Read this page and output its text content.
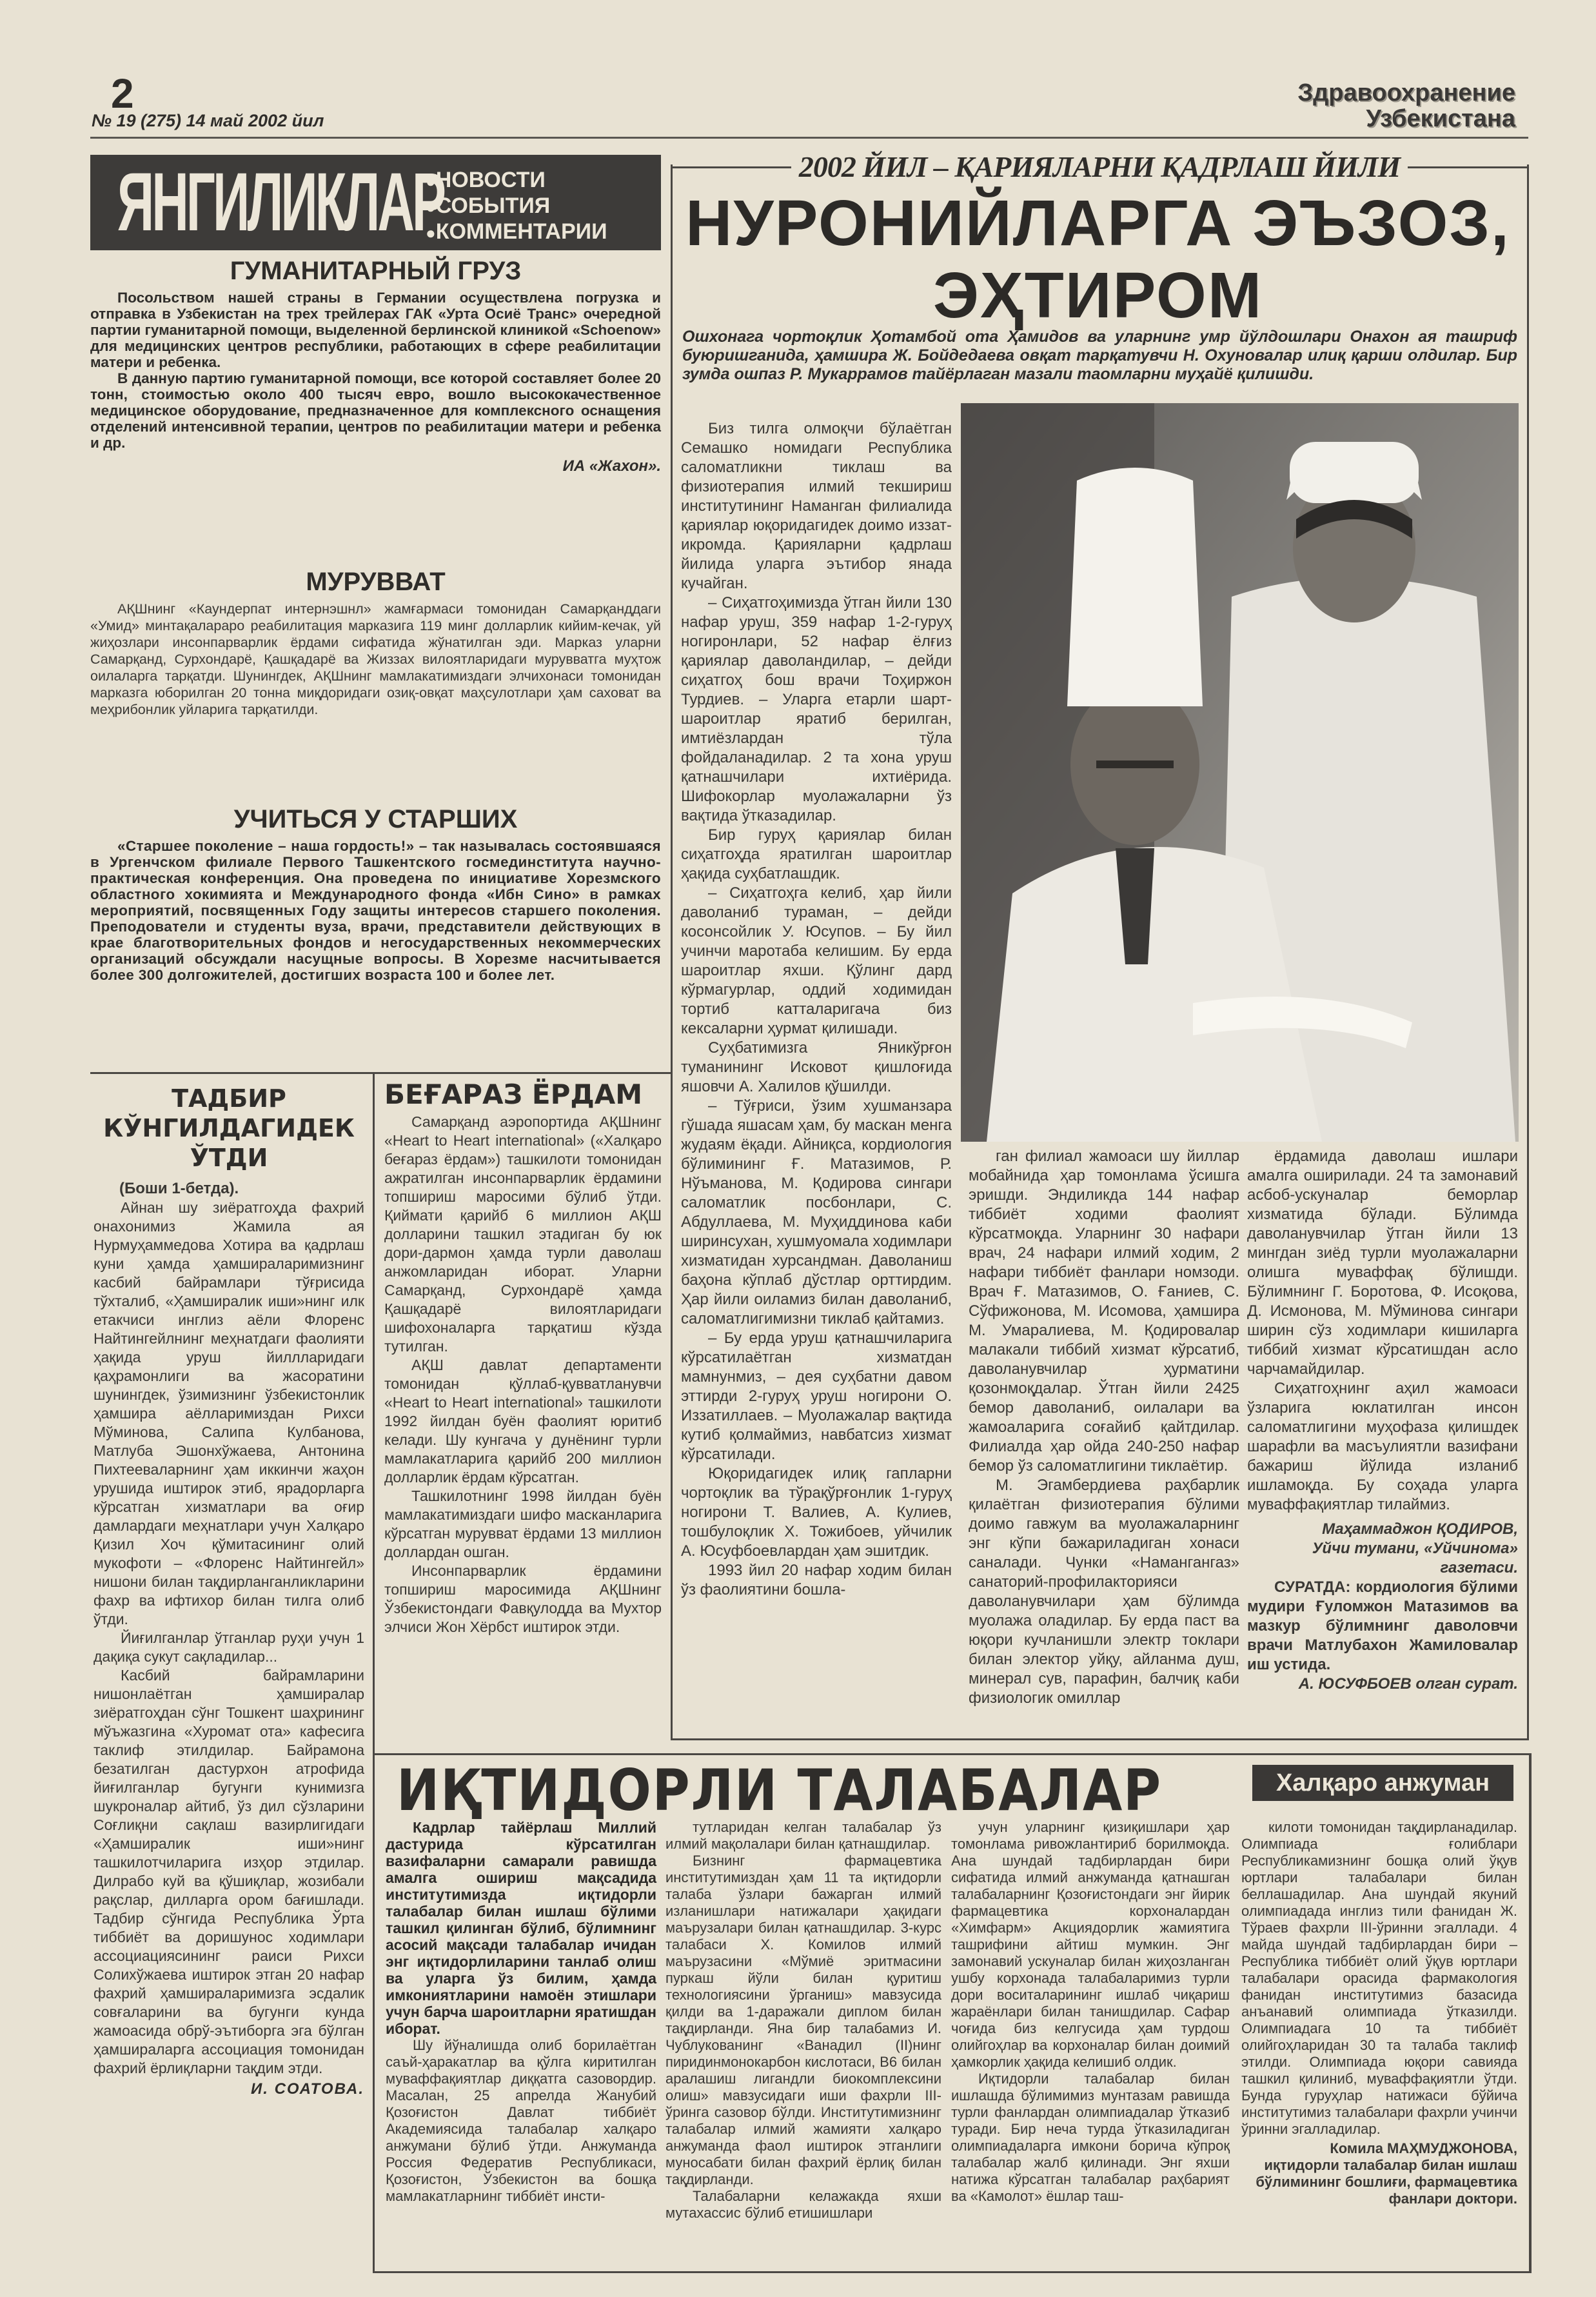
2
№ 19 (275) 14 май 2002 йил
Здравоохранение
Узбекистана
ЯНГИЛИКЛАР
● НОВОСТИ
● СОБЫТИЯ
● КОММЕНТАРИИ
ГУМАНИТАРНЫЙ ГРУЗ

Посольством нашей страны в Германии осуществлена погрузка и отправка в Узбекистан на трех трейлерах ГАК «Урта Осиё Транс» очередной партии гуманитарной помощи, выделенной берлинской клиникой «Schoenow» для медицинских центров республики, работающих в сфере реабилитации матери и ребенка.

В данную партию гуманитарной помощи, все которой составляет более 20 тонн, стоимостью около 400 тысяч евро, вошло высококачественное медицинское оборудование, предназначенное для комплексного оснащения отделений интенсивной терапии, центров по реабилитации матери и ребенка и др.

ИА «Жахон».
МУРУВВАТ

АҚШнинг «Каундерпат интернэшнл» жамғармаси томонидан Самарқанддаги «Умид» минтақалараро реабилитация марказига 119 минг долларлик кийим-кечак, уй жиҳозлари инсонпарварлик ёрдами сифатида жўнатилган эди. Марказ уларни Самарқанд, Сурхондарё, Қашқадарё ва Жиззах вилоятларидаги мурувватга муҳтож оилаларга тарқатди. Шунингдек, АҚШнинг мамлакатимиздаги элчихонаси томонидан марказга юборилган 20 тонна миқдоридаги озиқ-овқат маҳсулотлари ҳам саховат ва меҳрибонлик уйларига тарқатилди.

УЧИТЬСЯ У СТАРШИХ

«Старшее поколение – наша гордость!» – так называлась состоявшаяся в Ургенчском филиале Первого Ташкентского госмединститута научно-практическая конференция. Она проведена по инициативе Хорезмского областного хокимията и Международного фонда «Ибн Сино» в рамках мероприятий, посвященных Году защиты интересов старшего поколения. Преподователи и студенты вуза, врачи, представители действующих в крае благотворительных фондов и негосударственных некоммерческих организаций обсуждали насущные вопросы. В Хорезме насчитывается более 300 долгожителей, достигших возраста 100 и более лет.

ТАДБИР КЎНГИЛДАГИДЕК ЎТДИ
(Боши 1-бетда).

Айнан шу зиёратгоҳда фахрий онахонимиз Жамила ая Нурмуҳаммедова Хотира ва қадрлаш куни ҳамда ҳамшираларимизнинг касбий байрамлари тўғрисида тўхталиб, «Ҳамширалик иши»нинг илк етакчиси инглиз аёли Флоренс Найтингейлнинг меҳнатдаги фаолияти ҳақида уруш йиллларидаги қаҳрамонлиги ва жасоратини шунингдек, ўзимизнинг ўзбекистонлик ҳамшира аёлларимиздан Рихси Мўминова, Салипа Кулбанова, Матлуба Эшонхўжаева, Антонина Пихтееваларнинг ҳам иккинчи жаҳон урушида иштирок этиб, ярадорларга кўрсатган хизматлари ва оғир дамлардаги меҳнатлари учун Халқаро Қизил Хоч қўмитасининг олий мукофоти – «Флоренс Найтингейл» нишони билан тақдирланганликларини фахр ва ифтихор билан тилга олиб ўтди.

Йиғилганлар ўтганлар руҳи учун 1 дақиқа сукут сақладилар...

Касбий байрамларини нишонлаётган ҳамширалар зиёратгоҳдан сўнг Тошкент шаҳрининг мўъжазгина «Хуромат ота» кафесига таклиф этилдилар. Байрамона безатилган дастурхон атрофида йиғилганлар бугунги кунимизга шукроналар айтиб, ўз дил сўзларини Соғлиқни сақлаш вазирлигидаги «Ҳамширалик иши»нинг ташкилотчиларига изҳор этдилар. Дилрабо куй ва қўшиқлар, жозибали рақслар, дилларга ором бағишлади. Тадбир сўнгида Республика Ўрта тиббиёт ва доришунос ходимлари ассоциациясининг раиси Рихси Солихўжаева иштирок этган 20 нафар фахрий ҳамшираларимизга эсдалик совғаларини ва бугунги кунда жамоасида обрў-эътиборга эга бўлган ҳамшираларга ассоциация томонидан фахрий ёрлиқларни тақдим этди.

И. СОАТОВА.
БЕҒАРАЗ ЁРДАМ

Самарқанд аэропортида АҚШнинг «Heart to Heart international» («Халқаро беғараз ёрдам») ташкилоти томонидан ажратилган инсонпарварлик ёрдамини топшириш маросими бўлиб ўтди. Қиймати қарийб 6 миллион АҚШ долларини ташкил этадиган бу юк дори-дармон ҳамда турли даволаш анжомларидан иборат. Уларни Самарқанд, Сурхондарё ҳамда Қашқадарё вилоятларидаги шифохоналарга тарқатиш кўзда тутилган.

АҚШ давлат департаменти томонидан қўллаб-қувватланувчи «Heart to Heart international» ташкилоти 1992 йилдан буён фаолият юритиб келади. Шу кунгача у дунёнинг турли мамлакатларига қарийб 200 миллион долларлик ёрдам кўрсатган.

Ташкилотнинг 1998 йилдан буён мамлакатимиздаги шифо масканларига кўрсатган мурувват ёрдами 13 миллион доллардан ошган.

Инсонпарварлик ёрдамини топшириш маросимида АҚШнинг Ўзбекистондаги Фавқулодда ва Мухтор элчиси Жон Хёрбст иштирок этди.

2002 ЙИЛ – ҚАРИЯЛАРНИ ҚАДРЛАШ ЙИЛИ
НУРОНИЙЛАРГА ЭЪЗОЗ,
ЭҲТИРОМ
Ошхонага чортоқлик Ҳотамбой ота Ҳамидов ва уларнинг умр йўлдошлари Онахон ая ташриф буюришганида, ҳамшира Ж. Бойдедаева овқат тарқатувчи Н. Охуновалар илиқ қарши олдилар. Бир зумда ошпаз Р. Мукаррамов тайёрлаган мазали таомларни муҳайё қилишди.

Биз тилга олмоқчи бўлаётган Семашко номидаги Республика саломатликни тиклаш ва физиотерапия илмий текшириш институтининг Наманган филиалида қариялар юқоридагидек доимо иззат-икромда. Қарияларни қадрлаш йилида уларга эътибор янада кучайган.

– Сиҳатгоҳимизда ўтган йили 130 нафар уруш, 359 нафар 1-2-гуруҳ ногиронлари, 52 нафар ёлғиз қариялар даволандилар, – дейди сиҳатгоҳ бош врачи Тоҳиржон Турдиев. – Уларга етарли шарт-шароитлар яратиб берилган, имтиёзлардан тўла фойдаланадилар. 2 та хона уруш қатнашчилари ихтиёрида. Шифокорлар муолажаларни ўз вақтида ўтказадилар.

Бир гуруҳ қариялар билан сиҳатгоҳда яратилган шароитлар ҳақида суҳбатлашдик.

– Сиҳатгоҳга келиб, ҳар йили даволаниб тураман, – дейди косонсойлик У. Юсупов. – Бу йил учинчи маротаба келишим. Бу ерда шароитлар яхши. Қўлинг дард кўрмагурлар, оддий ходимидан тортиб катталаригача биз кексаларни ҳурмат қилишади.

Суҳбатимизга Яникўрғон туманининг Исковот қишлоғида яшовчи А. Халилов қўшилди.

– Тўғриси, ўзим хушманзара гўшада яшасам ҳам, бу маскан менга жудаям ёқади. Айниқса, кордиология бўлимининг Ғ. Матазимов, Р. Нўъманова, М. Қодирова сингари саломатлик посбонлари, С. Абдуллаева, М. Муҳиддинова каби ширинсухан, хушмуомала ходимлари хизматидан хурсандман. Даволаниш баҳона кўплаб дўстлар орттирдим. Ҳар йили оиламиз билан даволаниб, саломатлигимизни тиклаб қайтамиз.

– Бу ерда уруш қатнашчиларига кўрсатилаётган хизматдан мамнунмиз, – дея суҳбатни давом эттирди 2-гуруҳ уруш ногирони О. Иззатиллаев. – Муолажалар вақтида кутиб қолмаймиз, навбатсиз хизмат кўрсатилади.

Юқоридагидек илиқ гапларни чортоқлик ва тўрақўрғонлик 1-гуруҳ ногирони Т. Валиев, А. Кулиев, тошбулоқлик Х. Тожибоев, уйчилик А. Юсуфбоевлардан ҳам эшитдик.

1993 йил 20 нафар ходим билан ўз фаолиятини бошла-

ган филиал жамоаси шу йиллар мобайнида ҳар томонлама ўсишга эришди. Эндиликда 144 нафар тиббиёт ходими фаолият кўрсатмоқда. Уларнинг 30 нафари врач, 24 нафари илмий ходим, 2 нафари тиббиёт фанлари номзоди. Врач Ғ. Матазимов, О. Ғаниев, С. Сўфижонова, М. Исомова, ҳамшира М. Умаралиева, М. Қодировалар малакали тиббий хизмат кўрсатиб, даволанувчилар ҳурматини қозонмоқдалар. Ўтган йили 2425 бемор даволаниб, оилалари ва жамоаларига соғайиб қайтдилар. Филиалда ҳар ойда 240-250 нафар бемор ўз саломатлигини тиклаётир.

М. Эгамбердиева раҳбарлик қилаётган физиотерапия бўлими доимо гавжум ва муолажаларнинг энг кўпи бажариладиган хонаси саналади. Чунки «Намангангаз» санаторий-профилакторияси даволанувчилари ҳам бўлимда муолажа оладилар. Бу ерда паст ва юқори кучланишли электр токлари билан электор уйқу, айланма душ, минерал сув, парафин, балчиқ каби физиологик омиллар

ёрдамида даволаш ишлари амалга оширилади. 24 та замонавий асбоб-ускуналар беморлар хизматида бўлади. Бўлимда даволанувчилар ўтган йили 13 мингдан зиёд турли муолажаларни олишга муваффақ бўлишди. Бўлимнинг Г. Боротова, Ф. Исоқова, Д. Исмонова, М. Мўминова сингари ширин сўз ходимлари кишиларга тиббий хизмат кўрсатишдан асло чарчамайдилар.

Сиҳатгоҳнинг аҳил жамоаси ўзларига юклатилган инсон саломатлигини муҳофаза қилишдек шарафли ва масъулиятли вазифани бажариш йўлида изланиб ишламоқда. Бу соҳада уларга муваффақиятлар тилаймиз.

Маҳаммаджон ҚОДИРОВ,
Уйчи тумани, «Уйчинома» газетаси.

СУРАТДА: кордиология бўлими мудири Ғуломжон Матазимов ва мазкур бўлимнинг даволовчи врачи Матлубахон Жамиловалар иш устида.

А. ЮСУФБОЕВ олган сурат.
ИҚТИДОРЛИ ТАЛАБАЛАР	Халқаро анжуман

Кадрлар тайёрлаш Миллий дастурида кўрсатилган вазифаларни самарали равишда амалга ошириш мақсадида институтимизда иқтидорли талабалар билан ишлаш бўлими ташкил қилинган бўлиб, бўлимнинг асосий мақсади талабалар ичидан энг иқтидорлиларини танлаб олиш ва уларга ўз билим, ҳамда имкониятларини намоён этишлари учун барча шароитларни яратишдан иборат.

Шу йўналишда олиб борилаётган саъй-ҳаракатлар ва қўлга киритилган муваффақиятлар диққатга сазовордир. Масалан, 25 апрелда Жанубий Қозоғистон Давлат тиббиёт Академиясида талабалар халқаро анжумани бўлиб ўтди. Анжуманда Россия Федератив Республикаси, Қозоғистон, Ўзбекистон ва бошқа мамлакатларнинг тиббиёт инсти-

тутларидан келган талабалар ўз илмий мақолалари билан қатнашдилар.

Бизнинг фармацевтика институтимиздан ҳам 11 та иқтидорли талаба ўзлари бажарган илмий изланишлари натижалари ҳақидаги маърузалари билан қатнашдилар. 3-курс талабаси Х. Комилов илмий маърузасини «Мўмиё эритмасини пуркаш йўли билан қуритиш технологиясини ўрганиш» мавзусида қилди ва 1-даражали диплом билан тақдирланди. Яна бир талабамиз И. Чублукованинг «Ванадил (II)нинг пиридинмонокарбон кислотаси, B6 билан аралашиш лигандли биокомплексини олиш» мавзусидаги иши фахрли III-ўринга сазовор бўлди. Институтимизнинг талабалар илмий жамияти халқаро анжуманда фаол иштирок этганлиги муносабати билан фахрий ёрлиқ билан тақдирланди.

Талабаларни келажакда яхши мутахассис бўлиб етишишлари

учун уларнинг қизиқишлари ҳар томонлама ривожлантириб борилмоқда. Ана шундай тадбирлардан бири сифатида илмий анжуманда қатнашган талабаларнинг Қозоғистондаги энг йирик фармацевтика корхоналардан «Химфарм» Акциядорлик жамиятига ташрифини айтиш мумкин. Энг замонавий ускуналар билан жиҳозланган ушбу корхонада талабаларимиз турли дори воситаларининг ишлаб чиқариш жараёнлари билан танишдилар. Сафар чоғида биз келгусида ҳам турдош олийгоҳлар ва корхоналар билан доимий ҳамкорлик ҳақида келишиб олдик.

Иқтидорли талабалар билан ишлашда бўлимимиз мунтазам равишда турли фанлардан олимпиадалар ўтказиб туради. Бир неча турда ўтказиладиган олимпиадаларга имкони борича кўпроқ талабалар жалб қилинади. Энг яхши натижа кўрсатган талабалар раҳбарият ва «Камолот» ёшлар таш-

килоти томонидан тақдирланадилар. Олимпиада ғолиблари Республикамизнинг бошқа олий ўқув юртлари талабалари билан беллашадилар. Ана шундай якуний олимпиадада инглиз тили фанидан Ж. Тўраев фахрли III-ўринни эгаллади. 4 майда шундай тадбирлардан бири – Республика тиббиёт олий ўқув юртлари талабалари орасида фармакология фанидан институтимиз базасида анъанавий олимпиада ўтказилди. Олимпиадага 10 та тиббиёт олийгоҳларидан 30 та талаба таклиф этилди. Олимпиада юқори савияда ташкил қилиниб, муваффақиятли ўтди. Бунда гуруҳлар натижаси бўйича институтимиз талабалари фахрли учинчи ўринни эгалладилар.

Комила МАҲМУДЖОНОВА,
иқтидорли талабалар билан ишлаш бўлимининг бошлиғи, фармацевтика фанлари доктори.
